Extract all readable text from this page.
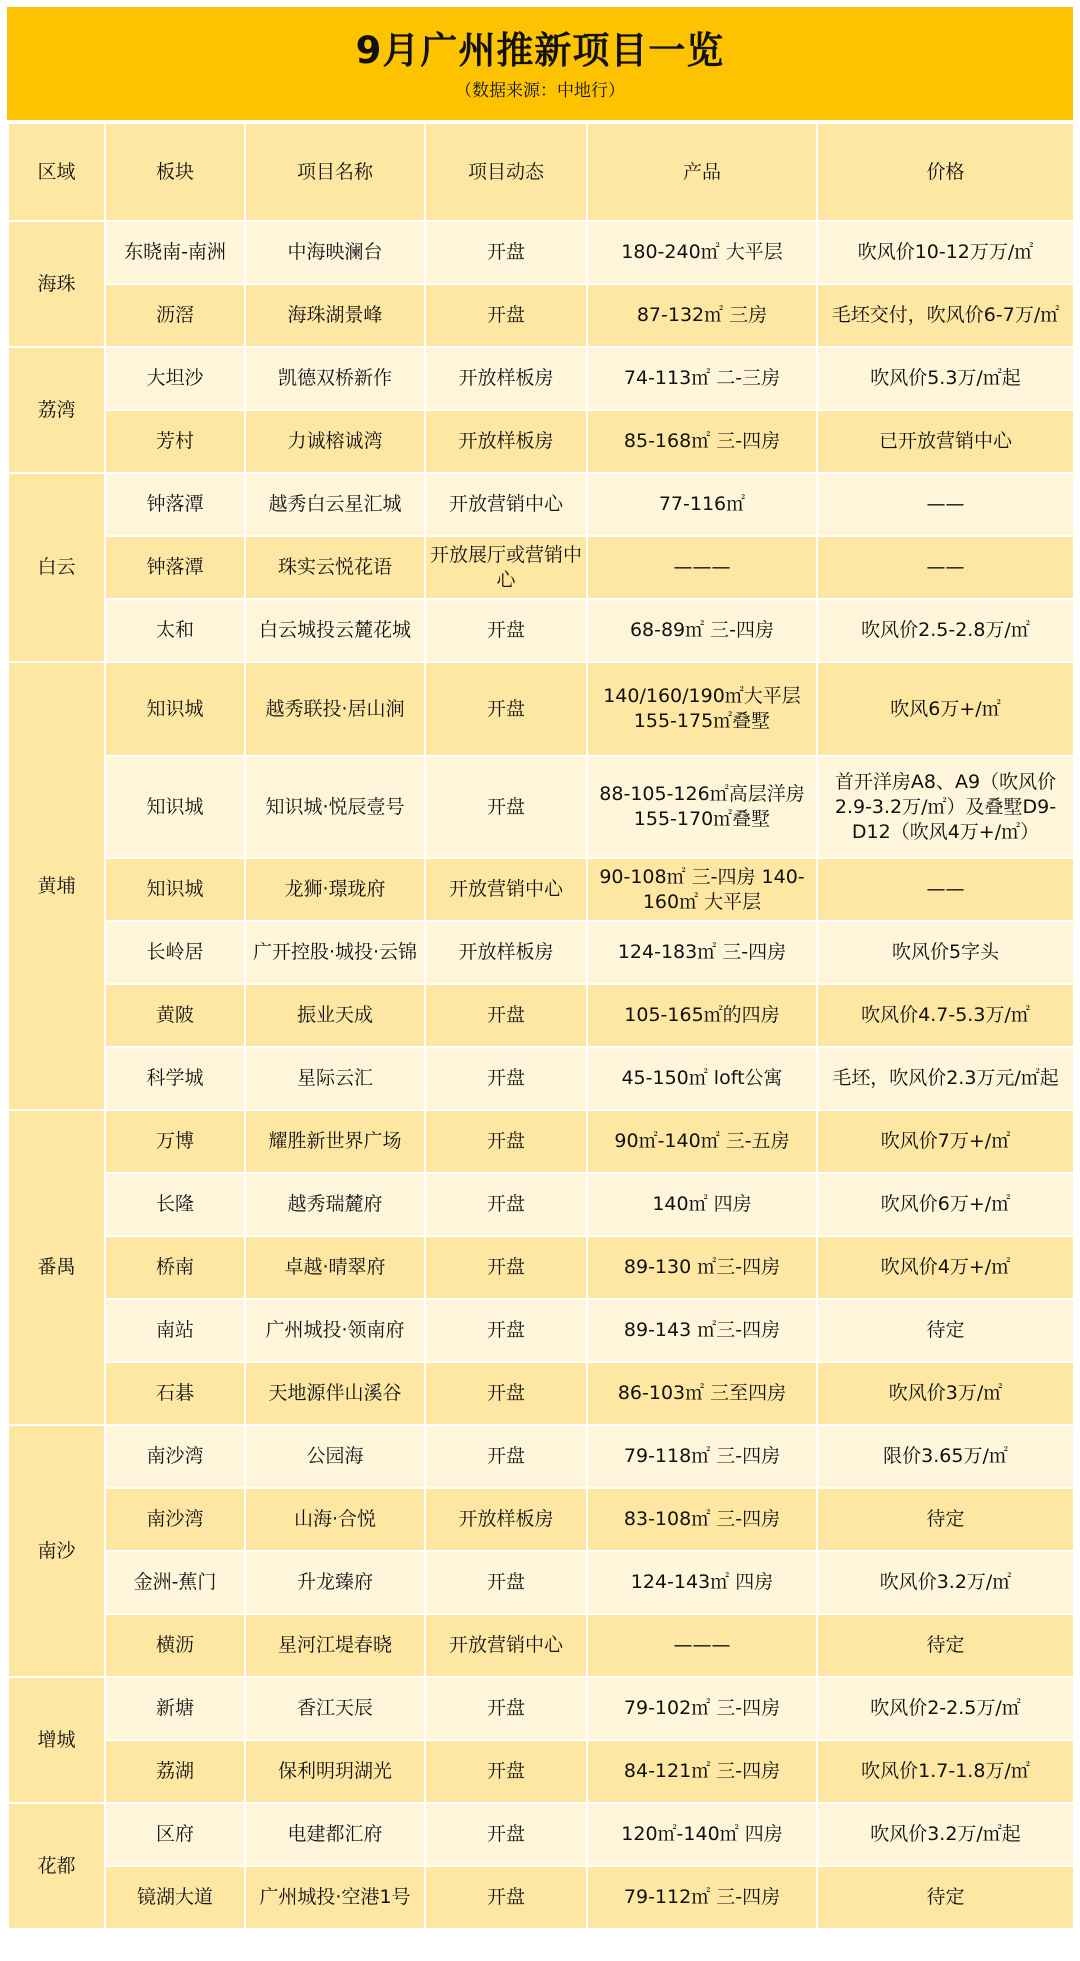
9月广州推新项目一览
（数据来源：中地行）
区域	板块	项目名称	项目动态	产品	价格
海珠	东晓南-南洲	中海映澜台	开盘	180-240㎡ 大平层	吹风价10-12万万/㎡
	沥滘	海珠湖景峰	开盘	87-132㎡ 三房	毛坯交付，吹风价6-7万/㎡
荔湾	大坦沙	凯德双桥新作	开放样板房	74-113㎡ 二-三房	吹风价5.3万/㎡起
	芳村	力诚榕诚湾	开放样板房	85-168㎡ 三-四房	已开放营销中心
白云	钟落潭	越秀白云星汇城	开放营销中心	77-116㎡	——
	钟落潭	珠实云悦花语	开放展厅或营销中心	———	——
	太和	白云城投云麓花城	开盘	68-89㎡ 三-四房	吹风价2.5-2.8万/㎡
黄埔	知识城	越秀联投·居山涧	开盘	140/160/190㎡大平层 155-175㎡叠墅	吹风6万+/㎡
	知识城	知识城·悦辰壹号	开盘	88-105-126㎡高层洋房 155-170㎡叠墅	首开洋房A8、A9（吹风价2.9-3.2万/㎡）及叠墅D9-D12（吹风4万+/㎡）
	知识城	龙狮·璟珑府	开放营销中心	90-108㎡ 三-四房 140-160㎡ 大平层	——
	长岭居	广开控股·城投·云锦	开放样板房	124-183㎡ 三-四房	吹风价5字头
	黄陂	振业天成	开盘	105-165㎡的四房	吹风价4.7-5.3万/㎡
	科学城	星际云汇	开盘	45-150㎡ loft公寓	毛坯，吹风价2.3万元/㎡起
番禺	万博	耀胜新世界广场	开盘	90㎡-140㎡ 三-五房	吹风价7万+/㎡
	长隆	越秀瑞麓府	开盘	140㎡ 四房	吹风价6万+/㎡
	桥南	卓越·晴翠府	开盘	89-130 ㎡三-四房	吹风价4万+/㎡
	南站	广州城投·领南府	开盘	89-143 ㎡三-四房	待定
	石碁	天地源伴山溪谷	开盘	86-103㎡ 三至四房	吹风价3万/㎡
南沙	南沙湾	公园海	开盘	79-118㎡ 三-四房	限价3.65万/㎡
	南沙湾	山海·合悦	开放样板房	83-108㎡ 三-四房	待定
	金洲-蕉门	升龙臻府	开盘	124-143㎡ 四房	吹风价3.2万/㎡
	横沥	星河江堤春晓	开放营销中心	———	待定
增城	新塘	香江天辰	开盘	79-102㎡ 三-四房	吹风价2-2.5万/㎡
	荔湖	保利明玥湖光	开盘	84-121㎡ 三-四房	吹风价1.7-1.8万/㎡
花都	区府	电建都汇府	开盘	120㎡-140㎡ 四房	吹风价3.2万/㎡起
	镜湖大道	广州城投·空港1号	开盘	79-112㎡ 三-四房	待定
